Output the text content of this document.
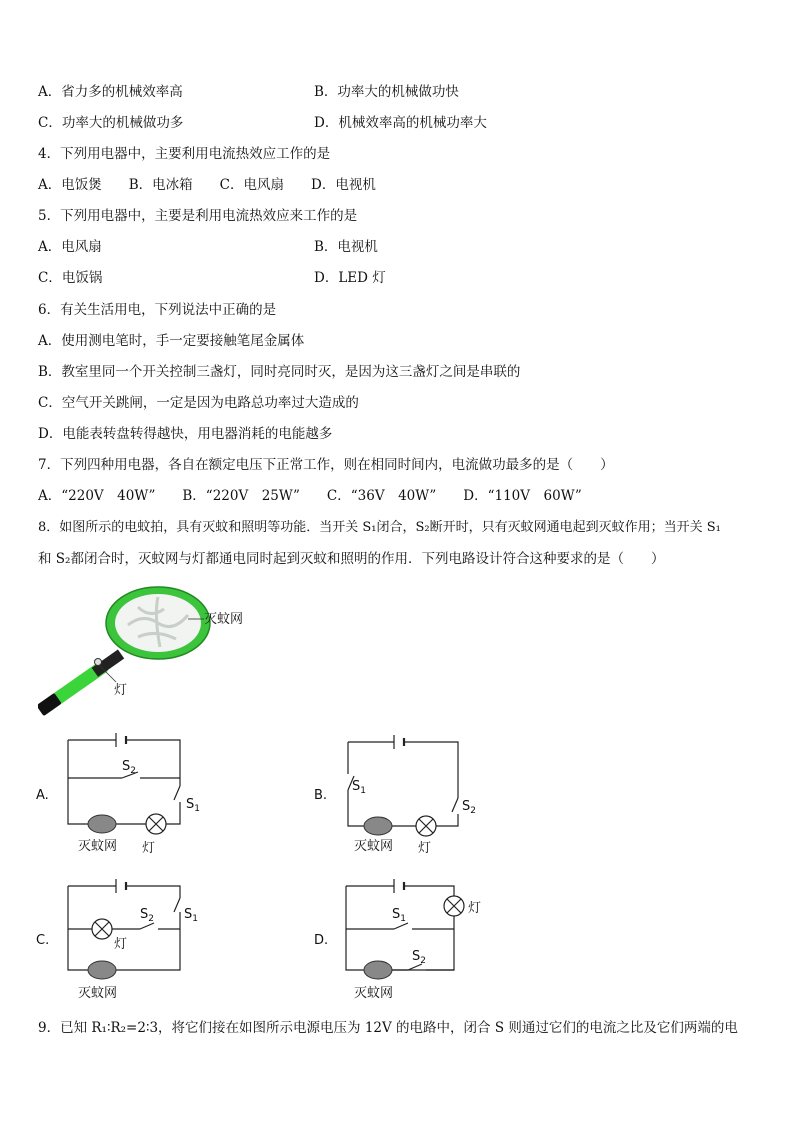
A．省力多的机械效率高	B．功率大的机械做功快
C．功率大的机械做功多	D．机械效率高的机械功率大
4．下列用电器中，主要利用电流热效应工作的是
A．电饭煲　　B．电冰箱　　C．电风扇　　D．电视机
5．下列用电器中，主要是利用电流热效应来工作的是
A．电风扇	B．电视机
C．电饭锅	D．LED 灯
6．有关生活用电，下列说法中正确的是
A．使用测电笔时，手一定要接触笔尾金属体
B．教室里同一个开关控制三盏灯，同时亮同时灭，是因为这三盏灯之间是串联的
C．空气开关跳闸，一定是因为电路总功率过大造成的
D．电能表转盘转得越快，用电器消耗的电能越多
7．下列四种用电器，各自在额定电压下正常工作，则在相同时间内，电流做功最多的是（　　）
A．“220V　40W”　　B．“220V　25W”　　C．“36V　40W”　　D．“110V　60W”
8．如图所示的电蚊拍，具有灭蚊和照明等功能．当开关 S₁闭合，S₂断开时，只有灭蚊网通电起到灭蚊作用；当开关 S₁
和 S₂都闭合时，灭蚊网与灯都通电同时起到灭蚊和照明的作用．下列电路设计符合这种要求的是（　　）
灭蚊网
灯
A.
$S_2$
$S_1$
灭蚊网 灯
B.
$S_1$
$S_2$
灭蚊网 灯
C.
$S_1$
$S_2$
灯
灭蚊网
D.
$S_1$
$S_2$
灯
灭蚊网
9．已知 R₁∶R₂=2∶3，将它们接在如图所示电源电压为 12V 的电路中，闭合 S 则通过它们的电流之比及它们两端的电
